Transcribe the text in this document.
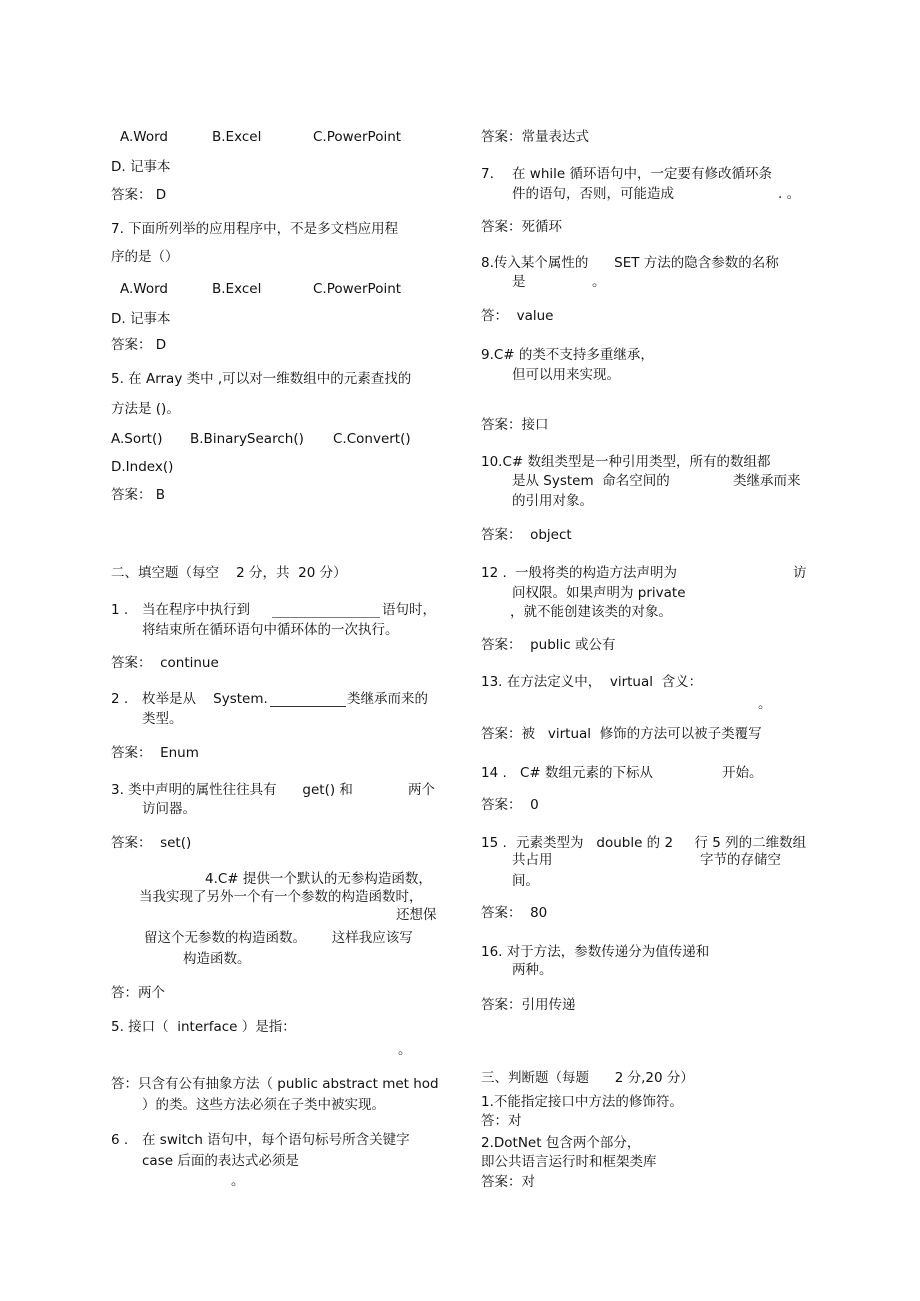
A.Word	B.Excel	C.PowerPoint
D. 记事本
答案： D
7. 下面所列举的应用程序中，不是多文档应用程
序的是（）
A.Word	B.Excel	C.PowerPoint
D. 记事本
答案： D
5. 在 Array 类中 ,可以对一维数组中的元素查找的
方法是 ()。
A.Sort() B.BinarySearch() C.Convert()
D.Index()
答案： B
二、填空题（每空    2 分，共  20 分）
1 . 当在程序中执行到	语句时，
将结束所在循环语句中循环体的一次执行。
答案：  continue
2 . 枚举是从    System.	类继承而来的
类型。
答案：  Enum
3. 类中声明的属性往往具有      get() 和	两个
访问器。
答案：  set()
4.C# 提供一个默认的无参构造函数，
当我实现了另外一个有一个参数的构造函数时，
还想保
留这个无参数的构造函数。      这样我应该写
构造函数。
答：两个
5. 接口（  interface ）是指：
。
答：只含有公有抽象方法（ public abstract met hod
）的类。这些方法必须在子类中被实现。
6 . 在 switch 语句中，每个语句标号所含关键字
case 后面的表达式必须是
。
答案：常量表达式
7. 在 while 循环语句中，一定要有修改循环条
件的语句，否则，可能造成	. 。
答案：死循环
8.传入某个属性的      SET 方法的隐含参数的名称
是	。
答：  value
9.C# 的类不支持多重继承，
但可以用来实现。
答案：接口
10.C# 数组类型是一种引用类型，所有的数组都
是从 System  命名空间的	类继承而来
的引用对象。
答案：  object
12 . 一般将类的构造方法声明为	访
问权限。如果声明为 private
，就不能创建该类的对象。
答案：  public 或公有
13. 在方法定义中，  virtual  含义：
。
答案：被   virtual  修饰的方法可以被子类覆写
14 . C# 数组元素的下标从	开始。
答案：  0
15 . 元素类型为   double 的 2     行 5 列的二维数组
共占用	字节的存储空
间。
答案：  80
16. 对于方法，参数传递分为值传递和
两种。
答案：引用传递
三、判断题（每题      2 分,20 分）
1.不能指定接口中方法的修饰符。
答：对
2.DotNet 包含两个部分，
即公共语言运行时和框架类库
答案：对
